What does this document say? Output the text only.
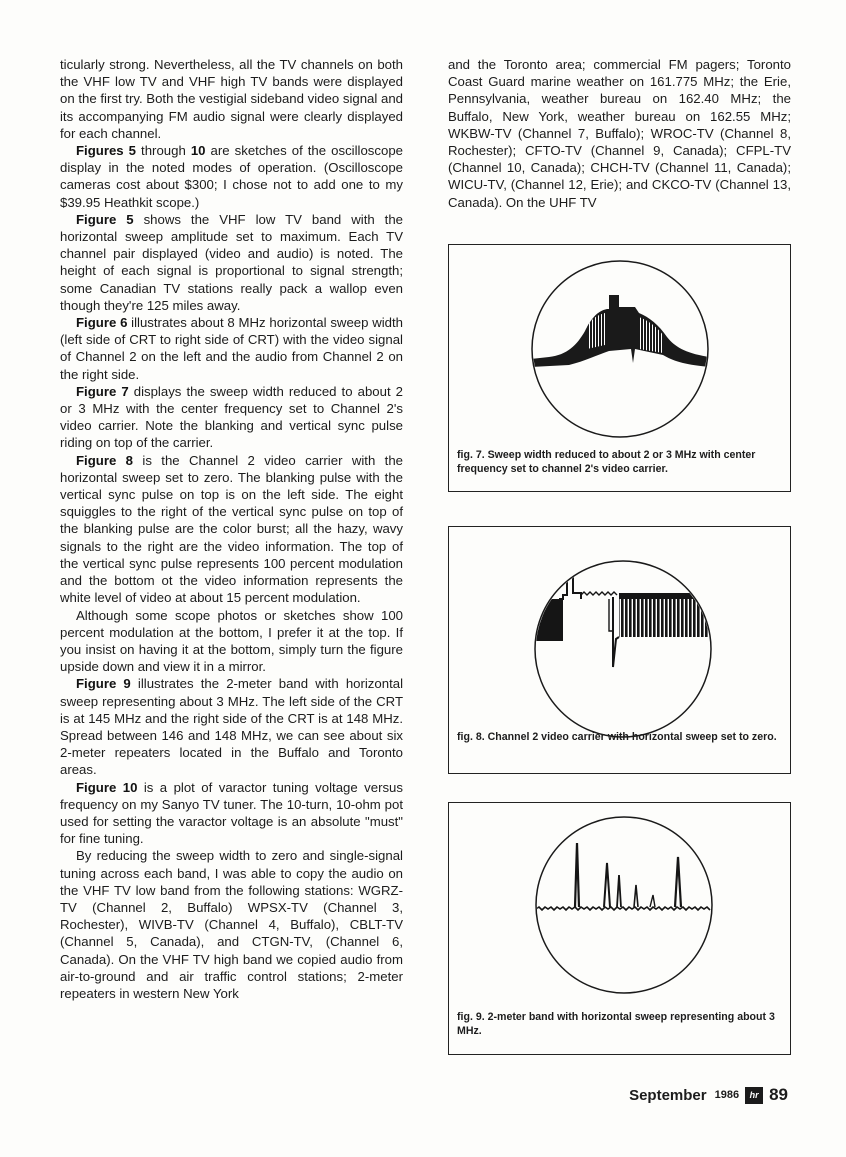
ticularly strong. Nevertheless, all the TV channels on both the VHF low TV and VHF high TV bands were displayed on the first try. Both the vestigial sideband video signal and its accompanying FM audio signal were clearly displayed for each channel.

Figures 5 through 10 are sketches of the oscilloscope display in the noted modes of operation. (Oscilloscope cameras cost about $300; I chose not to add one to my $39.95 Heathkit scope.)

Figure 5 shows the VHF low TV band with the horizontal sweep amplitude set to maximum. Each TV channel pair displayed (video and audio) is noted. The height of each signal is proportional to signal strength; some Canadian TV stations really pack a wallop even though they're 125 miles away.

Figure 6 illustrates about 8 MHz horizontal sweep width (left side of CRT to right side of CRT) with the video signal of Channel 2 on the left and the audio from Channel 2 on the right side.

Figure 7 displays the sweep width reduced to about 2 or 3 MHz with the center frequency set to Channel 2's video carrier. Note the blanking and vertical sync pulse riding on top of the carrier.

Figure 8 is the Channel 2 video carrier with the horizontal sweep set to zero. The blanking pulse with the vertical sync pulse on top is on the left side. The eight squiggles to the right of the vertical sync pulse on top of the blanking pulse are the color burst; all the hazy, wavy signals to the right are the video information. The top of the vertical sync pulse represents 100 percent modulation and the bottom ot the video information represents the white level of video at about 15 percent modulation.

Although some scope photos or sketches show 100 percent modulation at the bottom, I prefer it at the top. If you insist on having it at the bottom, simply turn the figure upside down and view it in a mirror.

Figure 9 illustrates the 2-meter band with horizontal sweep representing about 3 MHz. The left side of the CRT is at 145 MHz and the right side of the CRT is at 148 MHz. Spread between 146 and 148 MHz, we can see about six 2-meter repeaters located in the Buffalo and Toronto areas.

Figure 10 is a plot of varactor tuning voltage versus frequency on my Sanyo TV tuner. The 10-turn, 10-ohm pot used for setting the varactor voltage is an absolute "must" for fine tuning.

By reducing the sweep width to zero and single-signal tuning across each band, I was able to copy the audio on the VHF TV low band from the following stations: WGRZ-TV (Channel 2, Buffalo) WPSX-TV (Channel 3, Rochester), WIVB-TV (Channel 4, Buffalo), CBLT-TV (Channel 5, Canada), and CTGN-TV, (Channel 6, Canada). On the VHF TV high band we copied audio from air-to-ground and air traffic control stations; 2-meter repeaters in western New York

and the Toronto area; commercial FM pagers; Toronto Coast Guard marine weather on 161.775 MHz; the Erie, Pennsylvania, weather bureau on 162.40 MHz; the Buffalo, New York, weather bureau on 162.55 MHz; WKBW-TV (Channel 7, Buffalo); WROC-TV (Channel 8, Rochester); CFTO-TV (Channel 9, Canada); CFPL-TV (Channel 10, Canada); CHCH-TV (Channel 11, Canada); WICU-TV, (Channel 12, Erie); and CKCO-TV (Channel 13, Canada). On the UHF TV

fig. 7. Sweep width reduced to about 2 or 3 MHz with center frequency set to channel 2's video carrier.
fig. 8. Channel 2 video carrier with horizontal sweep set to zero.
fig. 9. 2-meter band with horizontal sweep representing about 3 MHz.
September 1986	hr 89
